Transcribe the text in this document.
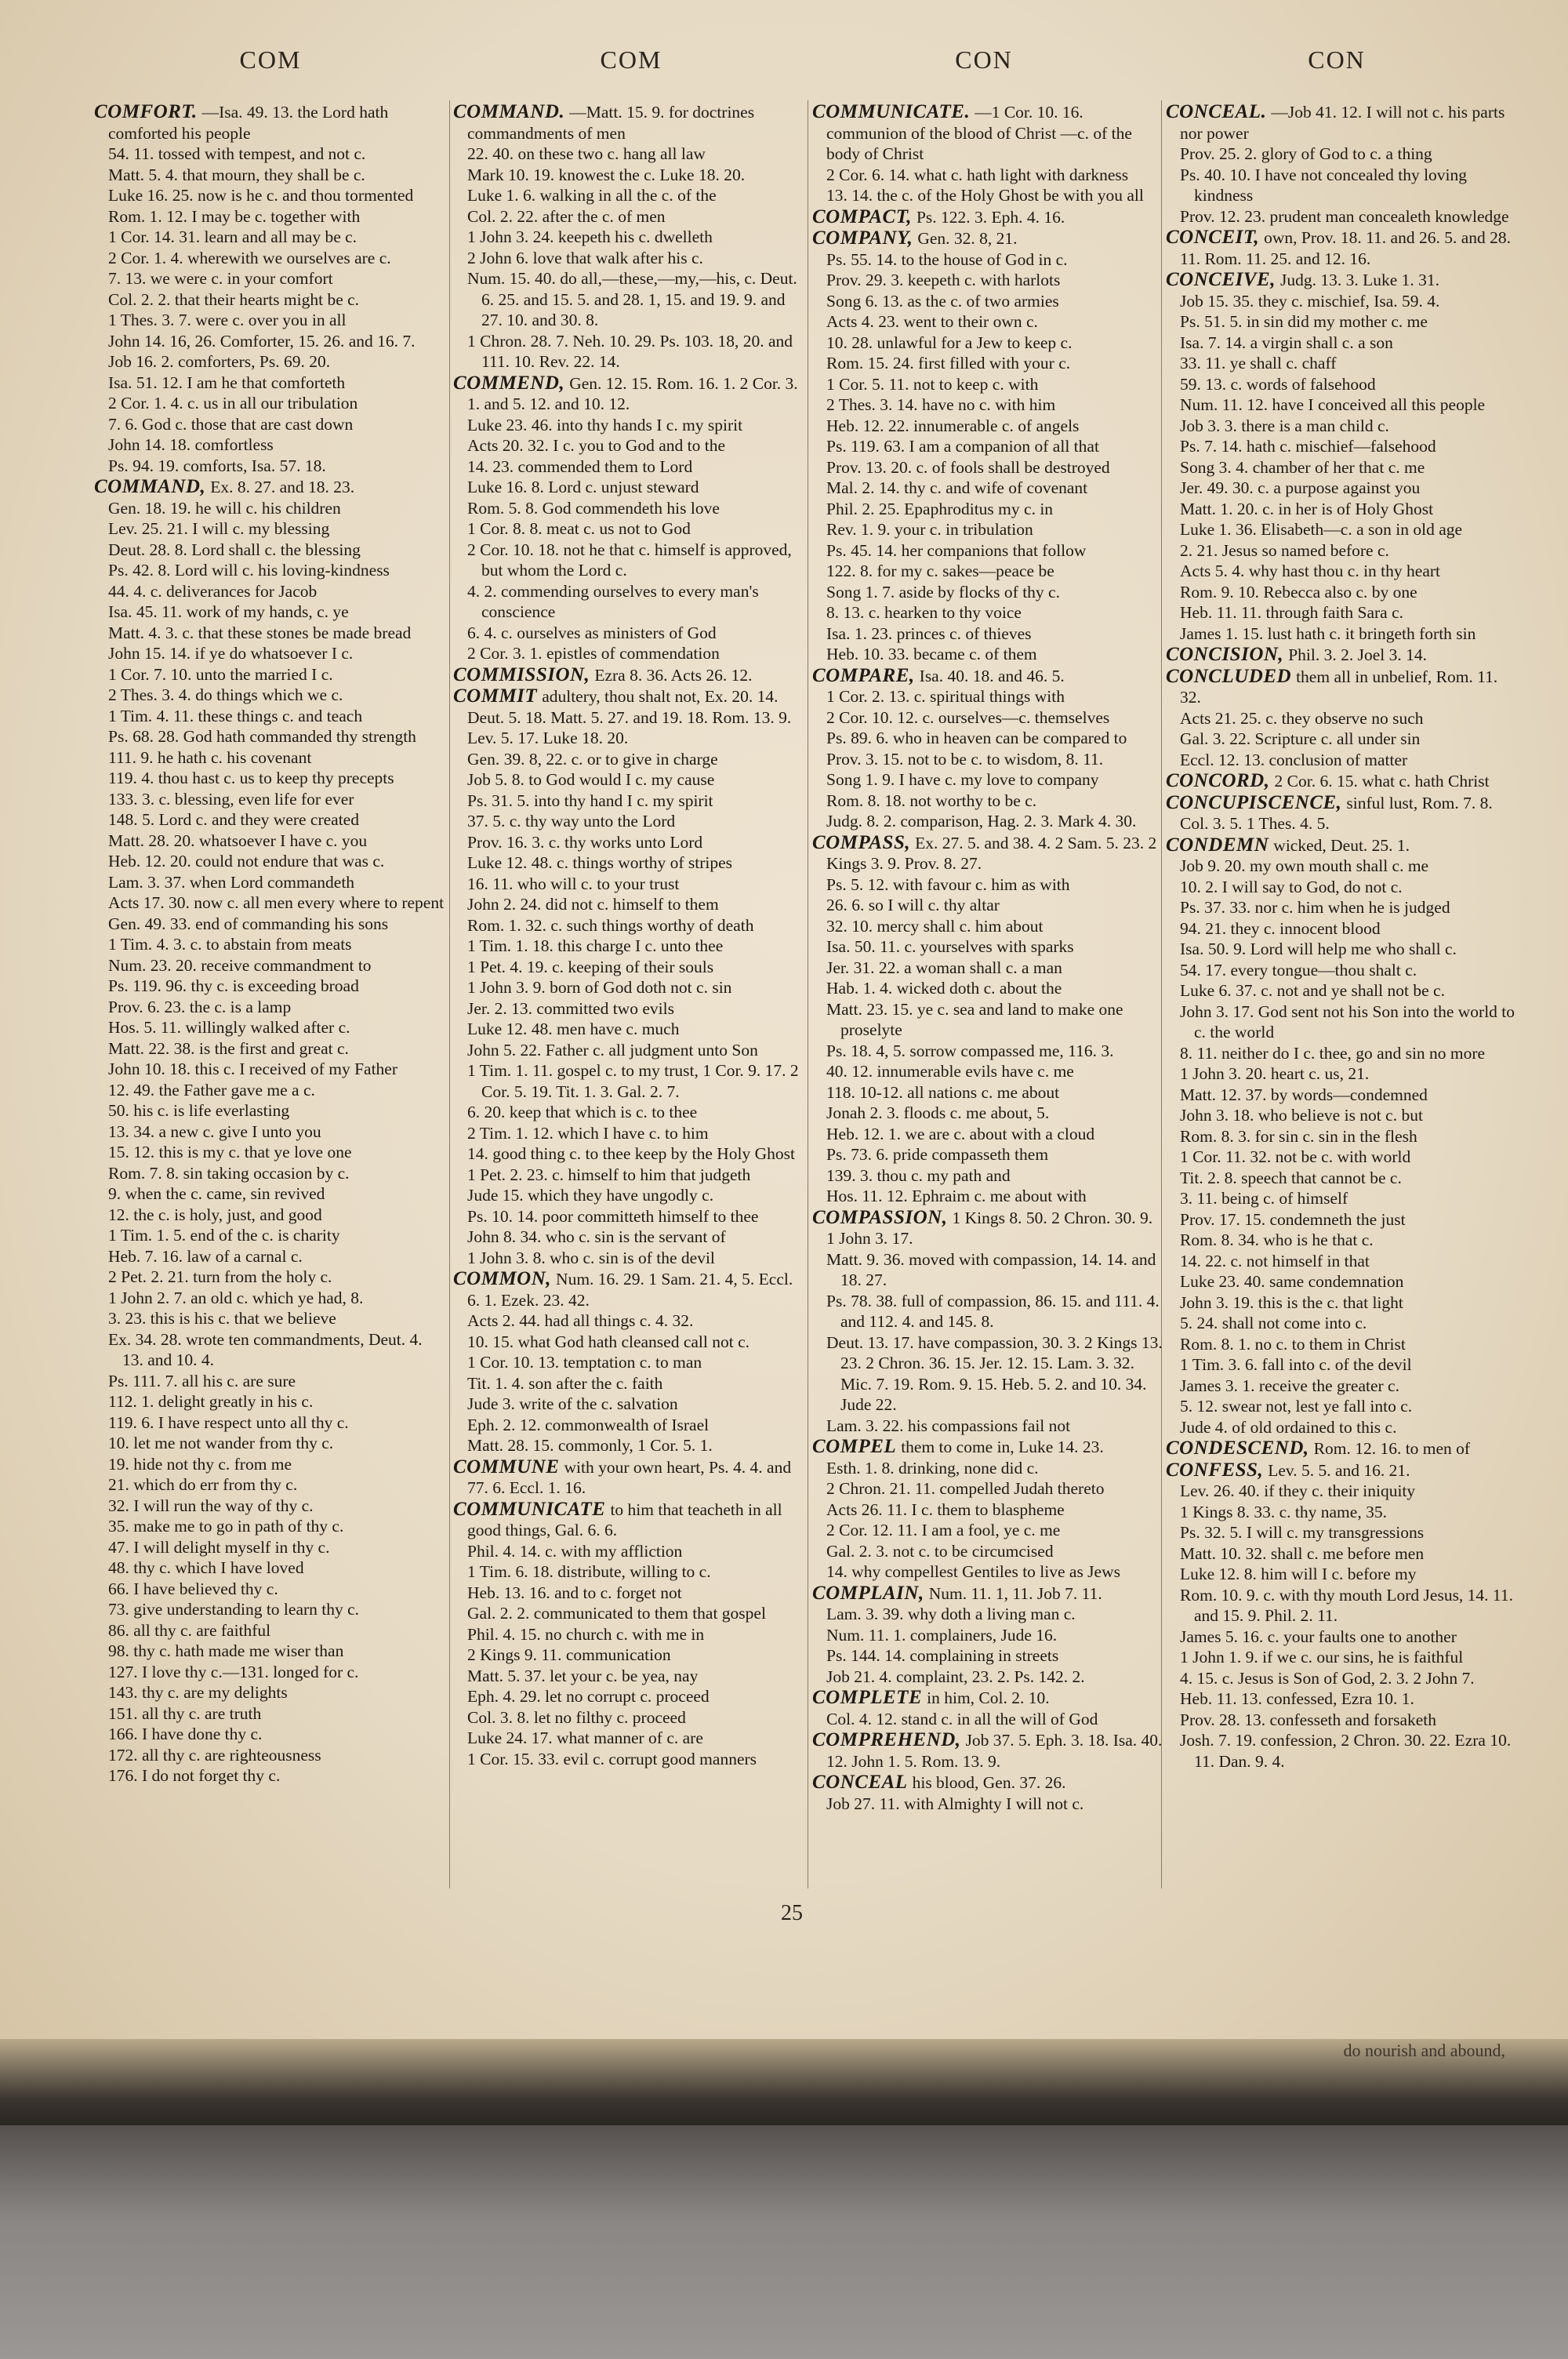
COM	COM	CON	CON
COMFORT. —Isa. 49. 13. the Lord hath comforted his people
54. 11. tossed with tempest, and not c.
Matt. 5. 4. that mourn, they shall be c.
Luke 16. 25. now is he c. and thou tormented
Rom. 1. 12. I may be c. together with
1 Cor. 14. 31. learn and all may be c.
2 Cor. 1. 4. wherewith we ourselves are c.
7. 13. we were c. in your comfort
Col. 2. 2. that their hearts might be c.
1 Thes. 3. 7. were c. over you in all
John 14. 16, 26. Comforter, 15. 26. and 16. 7.
Job 16. 2. comforters, Ps. 69. 20.
Isa. 51. 12. I am he that comforteth
2 Cor. 1. 4. c. us in all our tribulation
7. 6. God c. those that are cast down
John 14. 18. comfortless
Ps. 94. 19. comforts, Isa. 57. 18.
COMMAND, Ex. 8. 27. and 18. 23.
Gen. 18. 19. he will c. his children
Lev. 25. 21. I will c. my blessing
Deut. 28. 8. Lord shall c. the blessing
Ps. 42. 8. Lord will c. his loving-kindness
44. 4. c. deliverances for Jacob
Isa. 45. 11. work of my hands, c. ye
Matt. 4. 3. c. that these stones be made bread
John 15. 14. if ye do whatsoever I c.
1 Cor. 7. 10. unto the married I c.
2 Thes. 3. 4. do things which we c.
1 Tim. 4. 11. these things c. and teach
Ps. 68. 28. God hath commanded thy strength
111. 9. he hath c. his covenant
119. 4. thou hast c. us to keep thy precepts
133. 3. c. blessing, even life for ever
148. 5. Lord c. and they were created
Matt. 28. 20. whatsoever I have c. you
Heb. 12. 20. could not endure that was c.
Lam. 3. 37. when Lord commandeth
Acts 17. 30. now c. all men every where to repent
Gen. 49. 33. end of commanding his sons
1 Tim. 4. 3. c. to abstain from meats
Num. 23. 20. receive commandment to
Ps. 119. 96. thy c. is exceeding broad
Prov. 6. 23. the c. is a lamp
Hos. 5. 11. willingly walked after c.
Matt. 22. 38. is the first and great c.
John 10. 18. this c. I received of my Father
12. 49. the Father gave me a c.
50. his c. is life everlasting
13. 34. a new c. give I unto you
15. 12. this is my c. that ye love one
Rom. 7. 8. sin taking occasion by c.
9. when the c. came, sin revived
12. the c. is holy, just, and good
1 Tim. 1. 5. end of the c. is charity
Heb. 7. 16. law of a carnal c.
2 Pet. 2. 21. turn from the holy c.
1 John 2. 7. an old c. which ye had, 8.
3. 23. this is his c. that we believe
Ex. 34. 28. wrote ten commandments, Deut. 4. 13. and 10. 4.
Ps. 111. 7. all his c. are sure
112. 1. delight greatly in his c.
119. 6. I have respect unto all thy c.
10. let me not wander from thy c.
19. hide not thy c. from me
21. which do err from thy c.
32. I will run the way of thy c.
35. make me to go in path of thy c.
47. I will delight myself in thy c.
48. thy c. which I have loved
66. I have believed thy c.
73. give understanding to learn thy c.
86. all thy c. are faithful
98. thy c. hath made me wiser than
127. I love thy c.—131. longed for c.
143. thy c. are my delights
151. all thy c. are truth
166. I have done thy c.
172. all thy c. are righteousness
176. I do not forget thy c.
COMMAND. —Matt. 15. 9. for doctrines commandments of men
22. 40. on these two c. hang all law
Mark 10. 19. knowest the c. Luke 18. 20.
Luke 1. 6. walking in all the c. of the
Col. 2. 22. after the c. of men
1 John 3. 24. keepeth his c. dwelleth
2 John 6. love that walk after his c.
Num. 15. 40. do all,—these,—my,—his, c. Deut. 6. 25. and 15. 5. and 28. 1, 15. and 19. 9. and 27. 10. and 30. 8.
1 Chron. 28. 7. Neh. 10. 29. Ps. 103. 18, 20. and 111. 10. Rev. 22. 14.
COMMEND, Gen. 12. 15. Rom. 16. 1. 2 Cor. 3. 1. and 5. 12. and 10. 12.
Luke 23. 46. into thy hands I c. my spirit
Acts 20. 32. I c. you to God and to the
14. 23. commended them to Lord
Luke 16. 8. Lord c. unjust steward
Rom. 5. 8. God commendeth his love
1 Cor. 8. 8. meat c. us not to God
2 Cor. 10. 18. not he that c. himself is approved, but whom the Lord c.
4. 2. commending ourselves to every man's conscience
6. 4. c. ourselves as ministers of God
2 Cor. 3. 1. epistles of commendation
COMMISSION, Ezra 8. 36. Acts 26. 12.
COMMIT adultery, thou shalt not, Ex. 20. 14. Deut. 5. 18. Matt. 5. 27. and 19. 18. Rom. 13. 9. Lev. 5. 17. Luke 18. 20.
Gen. 39. 8, 22. c. or to give in charge
Job 5. 8. to God would I c. my cause
Ps. 31. 5. into thy hand I c. my spirit
37. 5. c. thy way unto the Lord
Prov. 16. 3. c. thy works unto Lord
Luke 12. 48. c. things worthy of stripes
16. 11. who will c. to your trust
John 2. 24. did not c. himself to them
Rom. 1. 32. c. such things worthy of death
1 Tim. 1. 18. this charge I c. unto thee
1 Pet. 4. 19. c. keeping of their souls
1 John 3. 9. born of God doth not c. sin
Jer. 2. 13. committed two evils
Luke 12. 48. men have c. much
John 5. 22. Father c. all judgment unto Son
1 Tim. 1. 11. gospel c. to my trust, 1 Cor. 9. 17. 2 Cor. 5. 19. Tit. 1. 3. Gal. 2. 7.
6. 20. keep that which is c. to thee
2 Tim. 1. 12. which I have c. to him
14. good thing c. to thee keep by the Holy Ghost
1 Pet. 2. 23. c. himself to him that judgeth
Jude 15. which they have ungodly c.
Ps. 10. 14. poor committeth himself to thee
John 8. 34. who c. sin is the servant of
1 John 3. 8. who c. sin is of the devil
COMMON, Num. 16. 29. 1 Sam. 21. 4, 5. Eccl. 6. 1. Ezek. 23. 42.
Acts 2. 44. had all things c. 4. 32.
10. 15. what God hath cleansed call not c.
1 Cor. 10. 13. temptation c. to man
Tit. 1. 4. son after the c. faith
Jude 3. write of the c. salvation
Eph. 2. 12. commonwealth of Israel
Matt. 28. 15. commonly, 1 Cor. 5. 1.
COMMUNE with your own heart, Ps. 4. 4. and 77. 6. Eccl. 1. 16.
COMMUNICATE to him that teacheth in all good things, Gal. 6. 6.
Phil. 4. 14. c. with my affliction
1 Tim. 6. 18. distribute, willing to c.
Heb. 13. 16. and to c. forget not
Gal. 2. 2. communicated to them that gospel
Phil. 4. 15. no church c. with me in
2 Kings 9. 11. communication
Matt. 5. 37. let your c. be yea, nay
Eph. 4. 29. let no corrupt c. proceed
Col. 3. 8. let no filthy c. proceed
Luke 24. 17. what manner of c. are
1 Cor. 15. 33. evil c. corrupt good manners
COMMUNICATE. —1 Cor. 10. 16. communion of the blood of Christ —c. of the body of Christ
2 Cor. 6. 14. what c. hath light with darkness
13. 14. the c. of the Holy Ghost be with you all
COMPACT, Ps. 122. 3. Eph. 4. 16.
COMPANY, Gen. 32. 8, 21.
Ps. 55. 14. to the house of God in c.
Prov. 29. 3. keepeth c. with harlots
Song 6. 13. as the c. of two armies
Acts 4. 23. went to their own c.
10. 28. unlawful for a Jew to keep c.
Rom. 15. 24. first filled with your c.
1 Cor. 5. 11. not to keep c. with
2 Thes. 3. 14. have no c. with him
Heb. 12. 22. innumerable c. of angels
Ps. 119. 63. I am a companion of all that
Prov. 13. 20. c. of fools shall be destroyed
Mal. 2. 14. thy c. and wife of covenant
Phil. 2. 25. Epaphroditus my c. in
Rev. 1. 9. your c. in tribulation
Ps. 45. 14. her companions that follow
122. 8. for my c. sakes—peace be
Song 1. 7. aside by flocks of thy c.
8. 13. c. hearken to thy voice
Isa. 1. 23. princes c. of thieves
Heb. 10. 33. became c. of them
COMPARE, Isa. 40. 18. and 46. 5.
1 Cor. 2. 13. c. spiritual things with
2 Cor. 10. 12. c. ourselves—c. themselves
Ps. 89. 6. who in heaven can be compared to
Prov. 3. 15. not to be c. to wisdom, 8. 11.
Song 1. 9. I have c. my love to company
Rom. 8. 18. not worthy to be c.
Judg. 8. 2. comparison, Hag. 2. 3. Mark 4. 30.
COMPASS, Ex. 27. 5. and 38. 4. 2 Sam. 5. 23. 2 Kings 3. 9. Prov. 8. 27.
Ps. 5. 12. with favour c. him as with
26. 6. so I will c. thy altar
32. 10. mercy shall c. him about
Isa. 50. 11. c. yourselves with sparks
Jer. 31. 22. a woman shall c. a man
Hab. 1. 4. wicked doth c. about the
Matt. 23. 15. ye c. sea and land to make one proselyte
Ps. 18. 4, 5. sorrow compassed me, 116. 3.
40. 12. innumerable evils have c. me
118. 10-12. all nations c. me about
Jonah 2. 3. floods c. me about, 5.
Heb. 12. 1. we are c. about with a cloud
Ps. 73. 6. pride compasseth them
139. 3. thou c. my path and
Hos. 11. 12. Ephraim c. me about with
COMPASSION, 1 Kings 8. 50. 2 Chron. 30. 9. 1 John 3. 17.
Matt. 9. 36. moved with compassion, 14. 14. and 18. 27.
Ps. 78. 38. full of compassion, 86. 15. and 111. 4. and 112. 4. and 145. 8.
Deut. 13. 17. have compassion, 30. 3. 2 Kings 13. 23. 2 Chron. 36. 15. Jer. 12. 15. Lam. 3. 32. Mic. 7. 19. Rom. 9. 15. Heb. 5. 2. and 10. 34. Jude 22.
Lam. 3. 22. his compassions fail not
COMPEL them to come in, Luke 14. 23.
Esth. 1. 8. drinking, none did c.
2 Chron. 21. 11. compelled Judah thereto
Acts 26. 11. I c. them to blaspheme
2 Cor. 12. 11. I am a fool, ye c. me
Gal. 2. 3. not c. to be circumcised
14. why compellest Gentiles to live as Jews
COMPLAIN, Num. 11. 1, 11. Job 7. 11.
Lam. 3. 39. why doth a living man c.
Num. 11. 1. complainers, Jude 16.
Ps. 144. 14. complaining in streets
Job 21. 4. complaint, 23. 2. Ps. 142. 2.
COMPLETE in him, Col. 2. 10.
Col. 4. 12. stand c. in all the will of God
COMPREHEND, Job 37. 5. Eph. 3. 18. Isa. 40. 12. John 1. 5. Rom. 13. 9.
CONCEAL his blood, Gen. 37. 26.
Job 27. 11. with Almighty I will not c.
CONCEAL. —Job 41. 12. I will not c. his parts nor power
Prov. 25. 2. glory of God to c. a thing
Ps. 40. 10. I have not concealed thy loving kindness
Prov. 12. 23. prudent man concealeth knowledge
CONCEIT, own, Prov. 18. 11. and 26. 5. and 28. 11. Rom. 11. 25. and 12. 16.
CONCEIVE, Judg. 13. 3. Luke 1. 31.
Job 15. 35. they c. mischief, Isa. 59. 4.
Ps. 51. 5. in sin did my mother c. me
Isa. 7. 14. a virgin shall c. a son
33. 11. ye shall c. chaff
59. 13. c. words of falsehood
Num. 11. 12. have I conceived all this people
Job 3. 3. there is a man child c.
Ps. 7. 14. hath c. mischief—falsehood
Song 3. 4. chamber of her that c. me
Jer. 49. 30. c. a purpose against you
Matt. 1. 20. c. in her is of Holy Ghost
Luke 1. 36. Elisabeth—c. a son in old age
2. 21. Jesus so named before c.
Acts 5. 4. why hast thou c. in thy heart
Rom. 9. 10. Rebecca also c. by one
Heb. 11. 11. through faith Sara c.
James 1. 15. lust hath c. it bringeth forth sin
CONCISION, Phil. 3. 2. Joel 3. 14.
CONCLUDED them all in unbelief, Rom. 11. 32.
Acts 21. 25. c. they observe no such
Gal. 3. 22. Scripture c. all under sin
Eccl. 12. 13. conclusion of matter
CONCORD, 2 Cor. 6. 15. what c. hath Christ
CONCUPISCENCE, sinful lust, Rom. 7. 8. Col. 3. 5. 1 Thes. 4. 5.
CONDEMN wicked, Deut. 25. 1.
Job 9. 20. my own mouth shall c. me
10. 2. I will say to God, do not c.
Ps. 37. 33. nor c. him when he is judged
94. 21. they c. innocent blood
Isa. 50. 9. Lord will help me who shall c.
54. 17. every tongue—thou shalt c.
Luke 6. 37. c. not and ye shall not be c.
John 3. 17. God sent not his Son into the world to c. the world
8. 11. neither do I c. thee, go and sin no more
1 John 3. 20. heart c. us, 21.
Matt. 12. 37. by words—condemned
John 3. 18. who believe is not c. but
Rom. 8. 3. for sin c. sin in the flesh
1 Cor. 11. 32. not be c. with world
Tit. 2. 8. speech that cannot be c.
3. 11. being c. of himself
Prov. 17. 15. condemneth the just
Rom. 8. 34. who is he that c.
14. 22. c. not himself in that
Luke 23. 40. same condemnation
John 3. 19. this is the c. that light
5. 24. shall not come into c.
Rom. 8. 1. no c. to them in Christ
1 Tim. 3. 6. fall into c. of the devil
James 3. 1. receive the greater c.
5. 12. swear not, lest ye fall into c.
Jude 4. of old ordained to this c.
CONDESCEND, Rom. 12. 16. to men of
CONFESS, Lev. 5. 5. and 16. 21.
Lev. 26. 40. if they c. their iniquity
1 Kings 8. 33. c. thy name, 35.
Ps. 32. 5. I will c. my transgressions
Matt. 10. 32. shall c. me before men
Luke 12. 8. him will I c. before my
Rom. 10. 9. c. with thy mouth Lord Jesus, 14. 11. and 15. 9. Phil. 2. 11.
James 5. 16. c. your faults one to another
1 John 1. 9. if we c. our sins, he is faithful
4. 15. c. Jesus is Son of God, 2. 3. 2 John 7.
Heb. 11. 13. confessed, Ezra 10. 1.
Prov. 28. 13. confesseth and forsaketh
Josh. 7. 19. confession, 2 Chron. 30. 22. Ezra 10. 11. Dan. 9. 4.
25
do nourish and abound,
